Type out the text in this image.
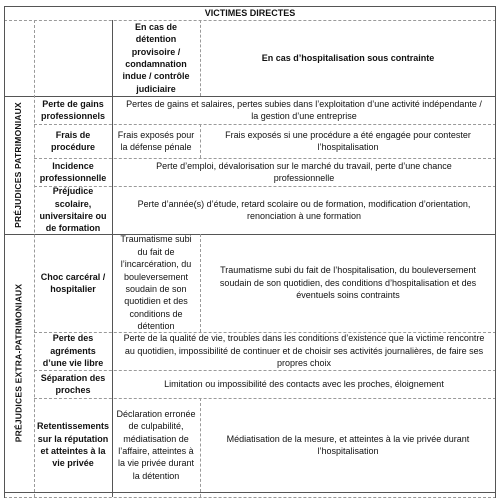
VICTIMES DIRECTES
En cas de détention provisoire / condamnation indue / contrôle judiciaire
En cas d’hospitalisation sous contrainte
PRÉJUDICES PATRIMONIAUX
PRÉJUDICES EXTRA-PATRIMONIAUX
Perte de gains professionnels
Pertes de gains et salaires, pertes subies dans l’exploitation d’une activité indépendante / la gestion d’une entreprise
Frais de procédure
Frais exposés pour la défense pénale
Frais exposés si une procédure a été engagée pour contester l’hospitalisation
Incidence professionnelle
Perte d’emploi, dévalorisation sur le marché du travail, perte d’une chance professionnelle
Préjudice scolaire, universitaire ou de formation
Perte d’année(s) d’étude, retard scolaire ou de formation, modification d’orientation, renonciation à une formation
Choc carcéral / hospitalier
Traumatisme subi du fait de l’incarcération, du bouleversement soudain de son quotidien et des conditions de détention
Traumatisme subi du fait de l’hospitalisation, du bouleversement soudain de son quotidien, des conditions d’hospitalisation et des éventuels soins contraints
Perte des agréments d’une vie libre
Perte de la qualité de vie, troubles dans les conditions d’existence que la victime rencontre au quotidien, impossibilité de continuer et de choisir ses activités journalières, de faire ses propres choix
Séparation des proches
Limitation ou impossibilité des contacts avec les proches, éloignement
Retentissements sur la réputation et atteintes à la vie privée
Déclaration erronée de culpabilité, médiatisation de l’affaire, atteintes à la vie privée durant la détention
Médiatisation de la mesure, et atteintes à la vie privée durant l’hospitalisation
